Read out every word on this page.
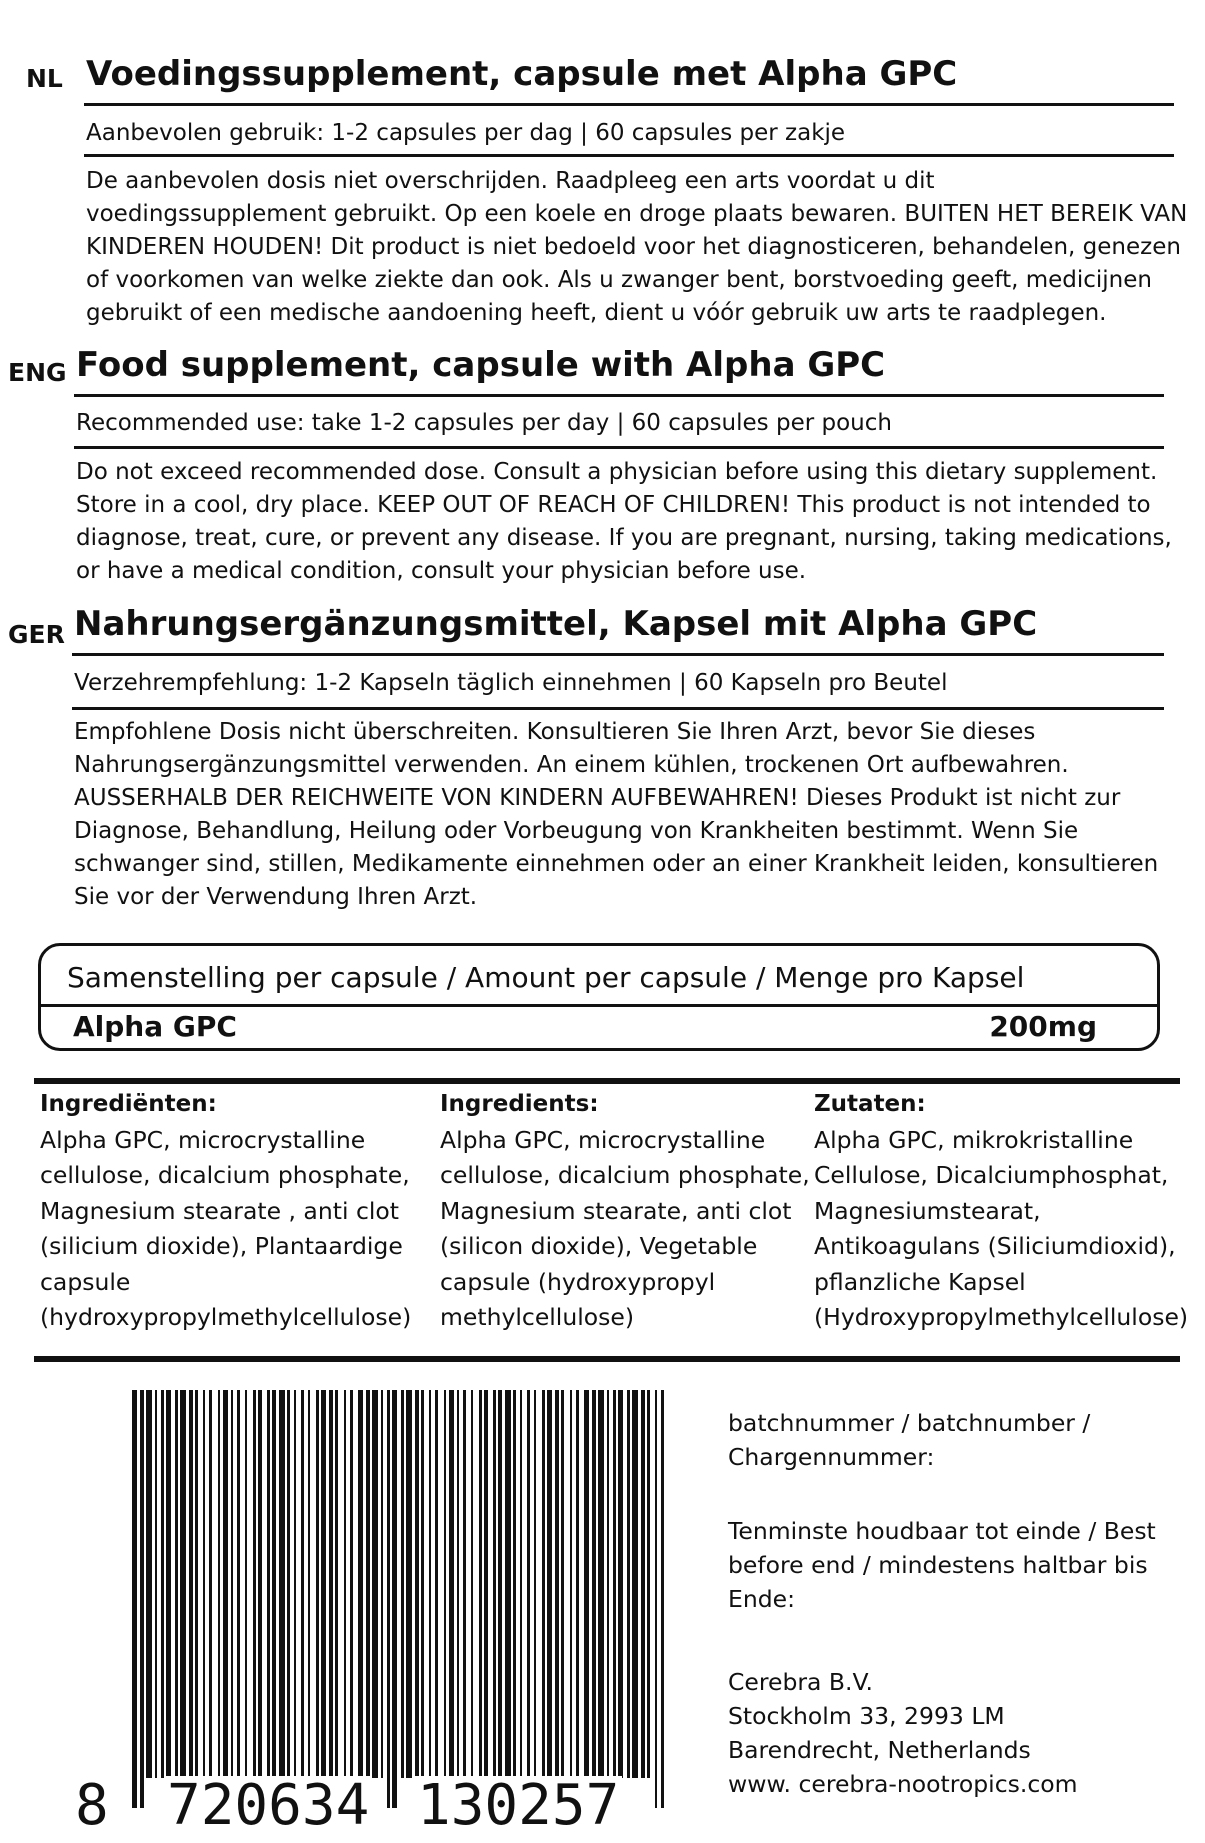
NL Voedingssupplement, capsule met Alpha GPC
Aanbevolen gebruik: 1-2 capsules per dag | 60 capsules per zakje
De aanbevolen dosis niet overschrijden. Raadpleeg een arts voordat u dit
voedingssupplement gebruikt. Op een koele en droge plaats bewaren. BUITEN HET BEREIK VAN
KINDEREN HOUDEN! Dit product is niet bedoeld voor het diagnosticeren, behandelen, genezen
of voorkomen van welke ziekte dan ook. Als u zwanger bent, borstvoeding geeft, medicijnen
gebruikt of een medische aandoening heeft, dient u vóór gebruik uw arts te raadplegen.
ENG Food supplement, capsule with Alpha GPC
Recommended use: take 1-2 capsules per day | 60 capsules per pouch
Do not exceed recommended dose. Consult a physician before using this dietary supplement.
Store in a cool, dry place. KEEP OUT OF REACH OF CHILDREN! This product is not intended to
diagnose, treat, cure, or prevent any disease. If you are pregnant, nursing, taking medications,
or have a medical condition, consult your physician before use.
GER Nahrungsergänzungsmittel, Kapsel mit Alpha GPC
Verzehrempfehlung: 1-2 Kapseln täglich einnehmen | 60 Kapseln pro Beutel
Empfohlene Dosis nicht überschreiten. Konsultieren Sie Ihren Arzt, bevor Sie dieses
Nahrungsergänzungsmittel verwenden. An einem kühlen, trockenen Ort aufbewahren.
AUSSERHALB DER REICHWEITE VON KINDERN AUFBEWAHREN! Dieses Produkt ist nicht zur
Diagnose, Behandlung, Heilung oder Vorbeugung von Krankheiten bestimmt. Wenn Sie
schwanger sind, stillen, Medikamente einnehmen oder an einer Krankheit leiden, konsultieren
Sie vor der Verwendung Ihren Arzt.
Samenstelling per capsule / Amount per capsule / Menge pro Kapsel
Alpha GPC	200mg
Ingrediënten:
Alpha GPC, microcrystalline
cellulose, dicalcium phosphate,
Magnesium stearate , anti clot
(silicium dioxide), Plantaardige
capsule
(hydroxypropylmethylcellulose)
Ingredients:
Alpha GPC, microcrystalline
cellulose, dicalcium phosphate,
Magnesium stearate, anti clot
(silicon dioxide), Vegetable
capsule (hydroxypropyl
methylcellulose)
Zutaten:
Alpha GPC, mikrokristalline
Cellulose, Dicalciumphosphat,
Magnesiumstearat,
Antikoagulans (Siliciumdioxid),
pflanzliche Kapsel
(Hydroxypropylmethylcellulose)
8 720634 130257
batchnummer / batchnumber /
Chargennummer:
Tenminste houdbaar tot einde / Best
before end / mindestens haltbar bis
Ende:
Cerebra B.V.
Stockholm 33, 2993 LM
Barendrecht, Netherlands
www. cerebra-nootropics.com
